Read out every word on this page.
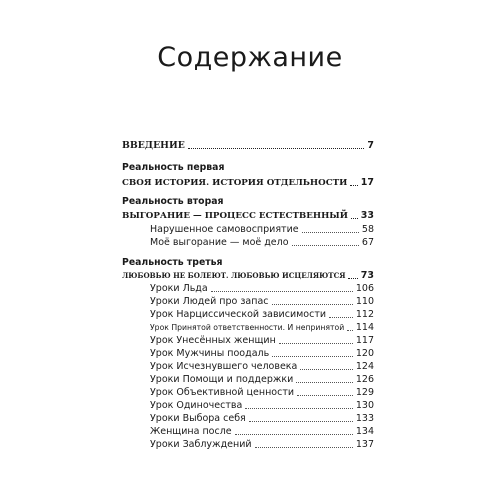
Содержание
ВВЕДЕНИЕ	7
Реальность первая
СВОЯ ИСТОРИЯ. ИСТОРИЯ ОТДЕЛЬНОСТИ 17
Реальность вторая
ВЫГОРАНИЕ — ПРОЦЕСС ЕСТЕСТВЕННЫЙ 33
Нарушенное самовосприятие	58
Моё выгорание — моё дело	67
Реальность третья
ЛЮБОВЬЮ НЕ БОЛЕЮТ. ЛЮБОВЬЮ ИСЦЕЛЯЮТСЯ 73
Уроки Льда	106
Уроки Людей про запас	110
Урок Нарциссической зависимости	112
Урок Принятой ответственности. И непринятой 114
Урок Унесённых женщин	117
Урок Мужчины поодаль	120
Урок Исчезнувшего человека	124
Уроки Помощи и поддержки	126
Урок Объективной ценности	129
Урок Одиночества	130
Уроки Выбора себя	133
Женщина после	134
Уроки Заблуждений	137
